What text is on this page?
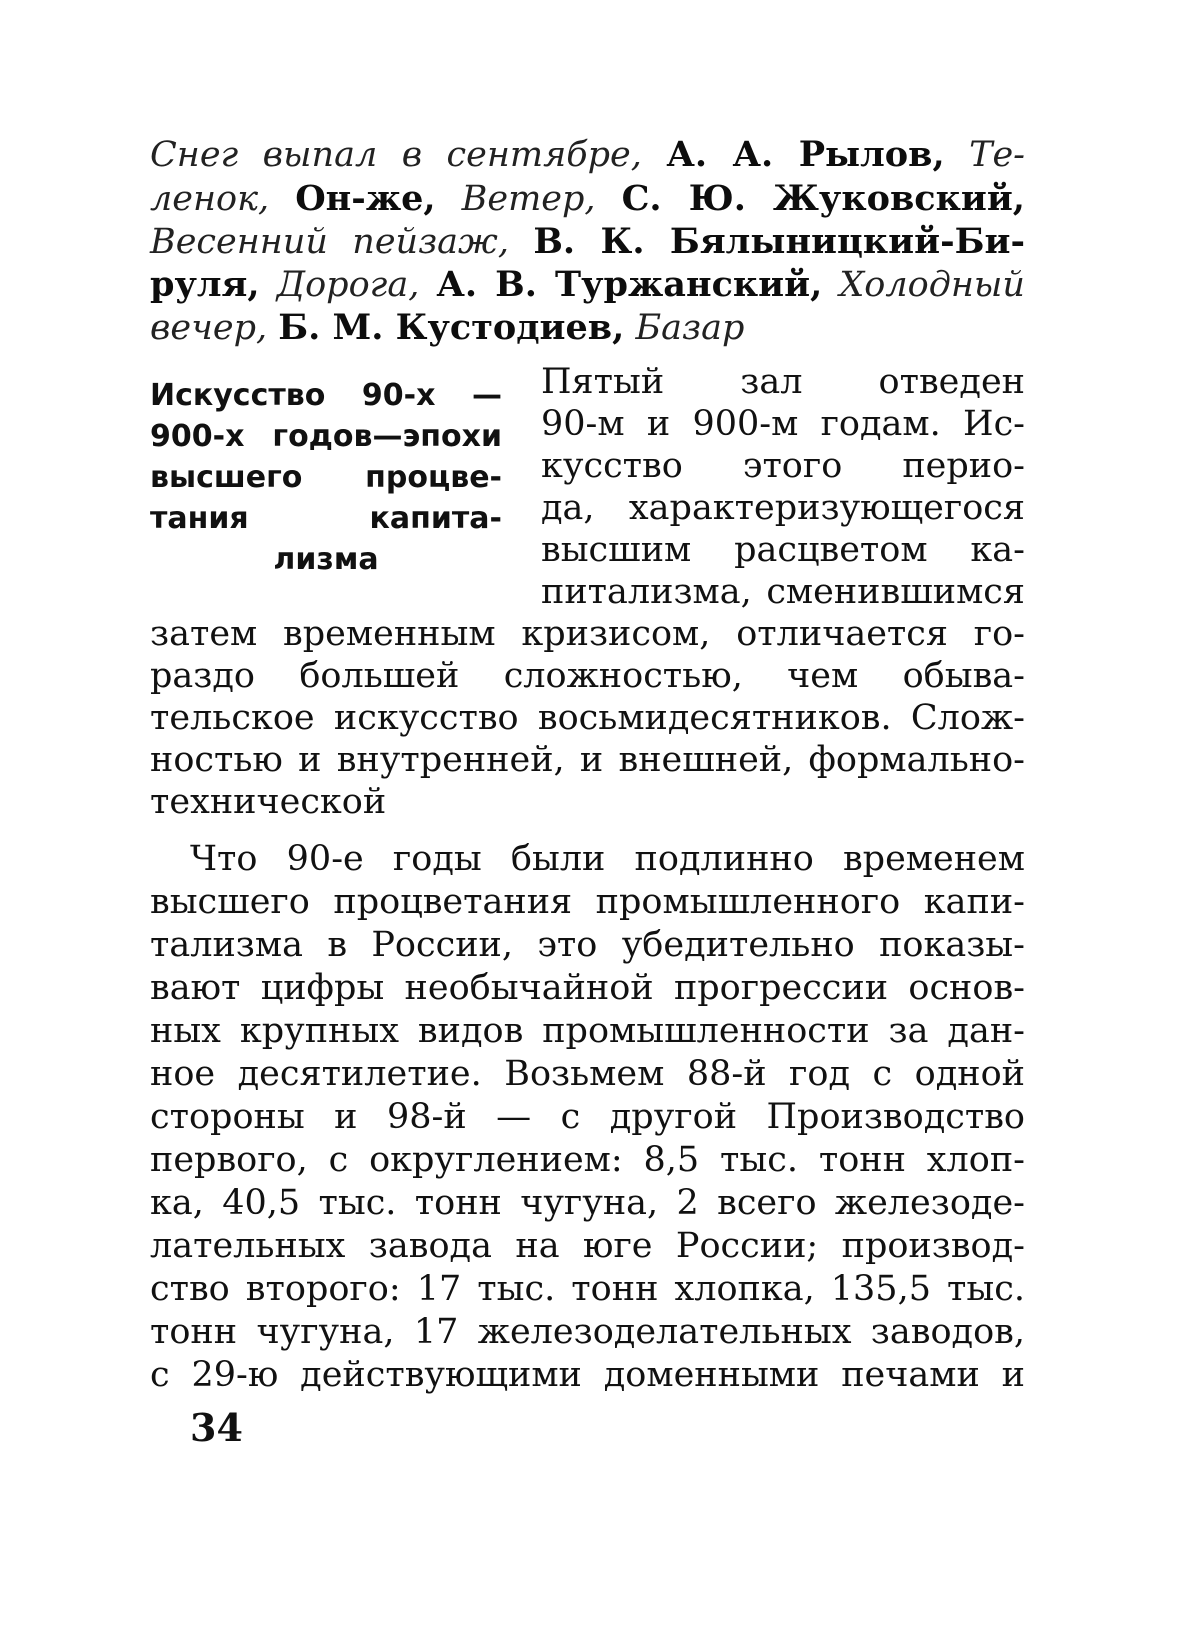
Снег выпал в сентябре, А. А. Рылов, Те-
ленок, Он-же, Ветер, С. Ю. Жуковский,
Весенний пейзаж, В. К. Бялыницкий-Би-
руля, Дорога, А. В. Туржанский, Холодный
вечер, Б. М. Кустодиев, Базар
Искусство 90-х —
900-х годов—эпохи
высшего процве-
тания капита-
лизма
Пятый зал отведен
90-м и 900-м годам. Ис-
кусство этого перио-
да, характеризующегося
высшим расцветом ка-
питализма, сменившимся
затем временным кризисом, отличается го-
раздо большей сложностью, чем обыва-
тельское искусство восьмидесятников. Слож-
ностью и внутренней, и внешней, формально-
технической
Что 90-е годы были подлинно временем
высшего процветания промышленного капи-
тализма в России, это убедительно показы-
вают цифры необычайной прогрессии основ-
ных крупных видов промышленности за дан-
ное десятилетие. Возьмем 88-й год с одной
стороны и 98-й — с другой Производство
первого, с округлением: 8,5 тыс. тонн хлоп-
ка, 40,5 тыс. тонн чугуна, 2 всего железоде-
лательных завода на юге России; производ-
ство второго: 17 тыс. тонн хлопка, 135,5 тыс.
тонн чугуна, 17 железоделательных заводов,
с 29-ю действующими доменными печами и
34
